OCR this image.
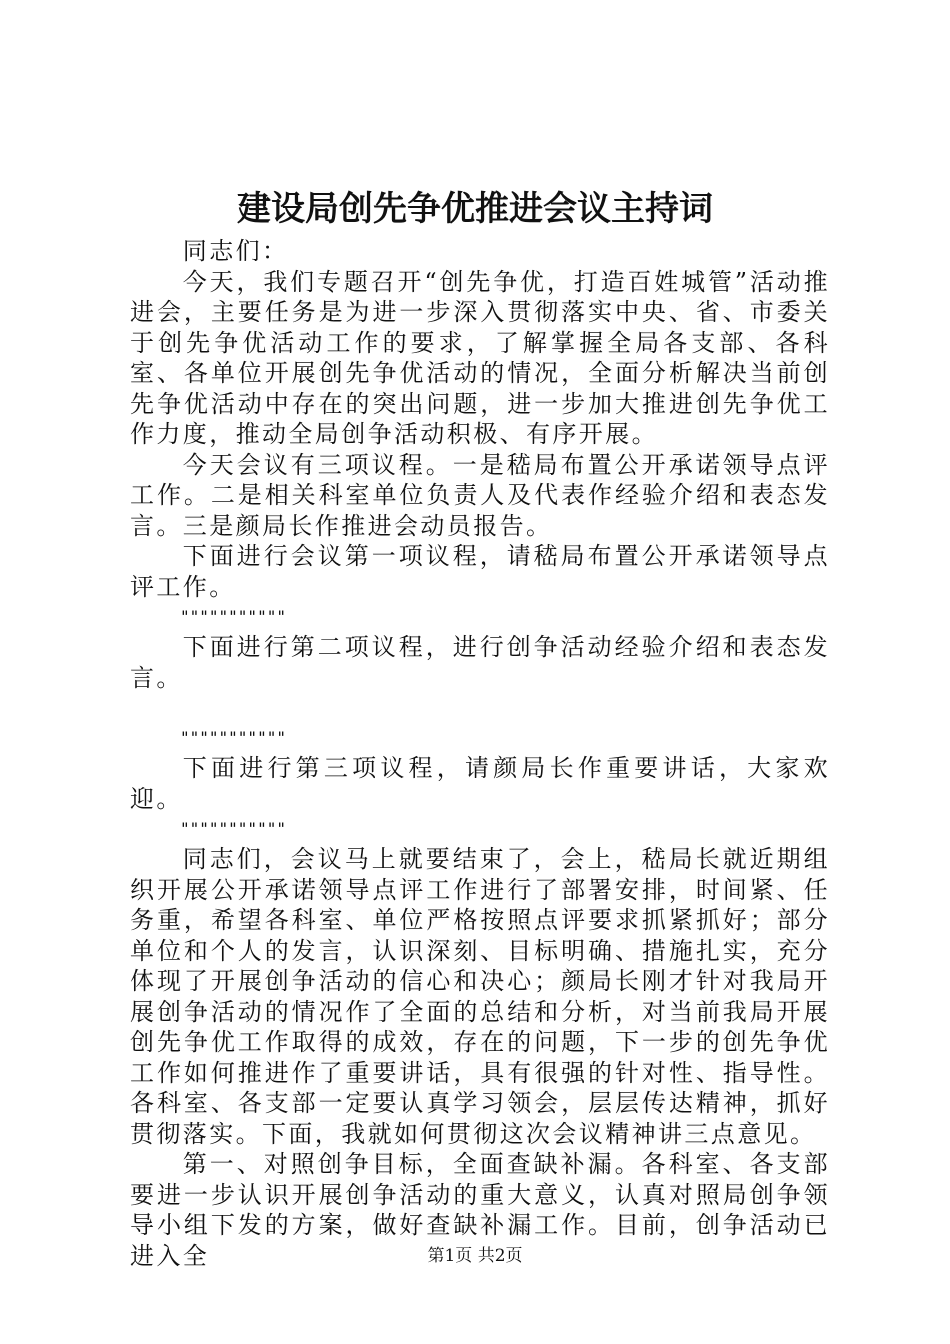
建设局创先争优推进会议主持词

同志们：

今天，我们专题召开“创先争优，打造百姓城管”活动推进会，主要任务是为进一步深入贯彻落实中央、省、市委关于创先争优活动工作的要求，了解掌握全局各支部、各科室、各单位开展创先争优活动的情况，全面分析解决当前创先争优活动中存在的突出问题，进一步加大推进创先争优工作力度，推动全局创争活动积极、有序开展。

今天会议有三项议程。一是嵇局布置公开承诺领导点评工作。二是相关科室单位负责人及代表作经验介绍和表态发言。三是颜局长作推进会动员报告。

下面进行会议第一项议程，请嵇局布置公开承诺领导点评工作。

"""""""""""

下面进行第二项议程，进行创争活动经验介绍和表态发言。

"""""""""""

下面进行第三项议程，请颜局长作重要讲话，大家欢迎。

"""""""""""

同志们，会议马上就要结束了，会上，嵇局长就近期组织开展公开承诺领导点评工作进行了部署安排，时间紧、任务重，希望各科室、单位严格按照点评要求抓紧抓好；部分单位和个人的发言，认识深刻、目标明确、措施扎实，充分体现了开展创争活动的信心和决心；颜局长刚才针对我局开展创争活动的情况作了全面的总结和分析，对当前我局开展创先争优工作取得的成效，存在的问题，下一步的创先争优工作如何推进作了重要讲话，具有很强的针对性、指导性。各科室、各支部一定要认真学习领会，层层传达精神，抓好贯彻落实。下面，我就如何贯彻这次会议精神讲三点意见。

第一、对照创争目标，全面查缺补漏。各科室、各支部要进一步认识开展创争活动的重大意义，认真对照局创争领导小组下发的方案，做好查缺补漏工作。目前，创争活动已进入全	第1页 共2页
